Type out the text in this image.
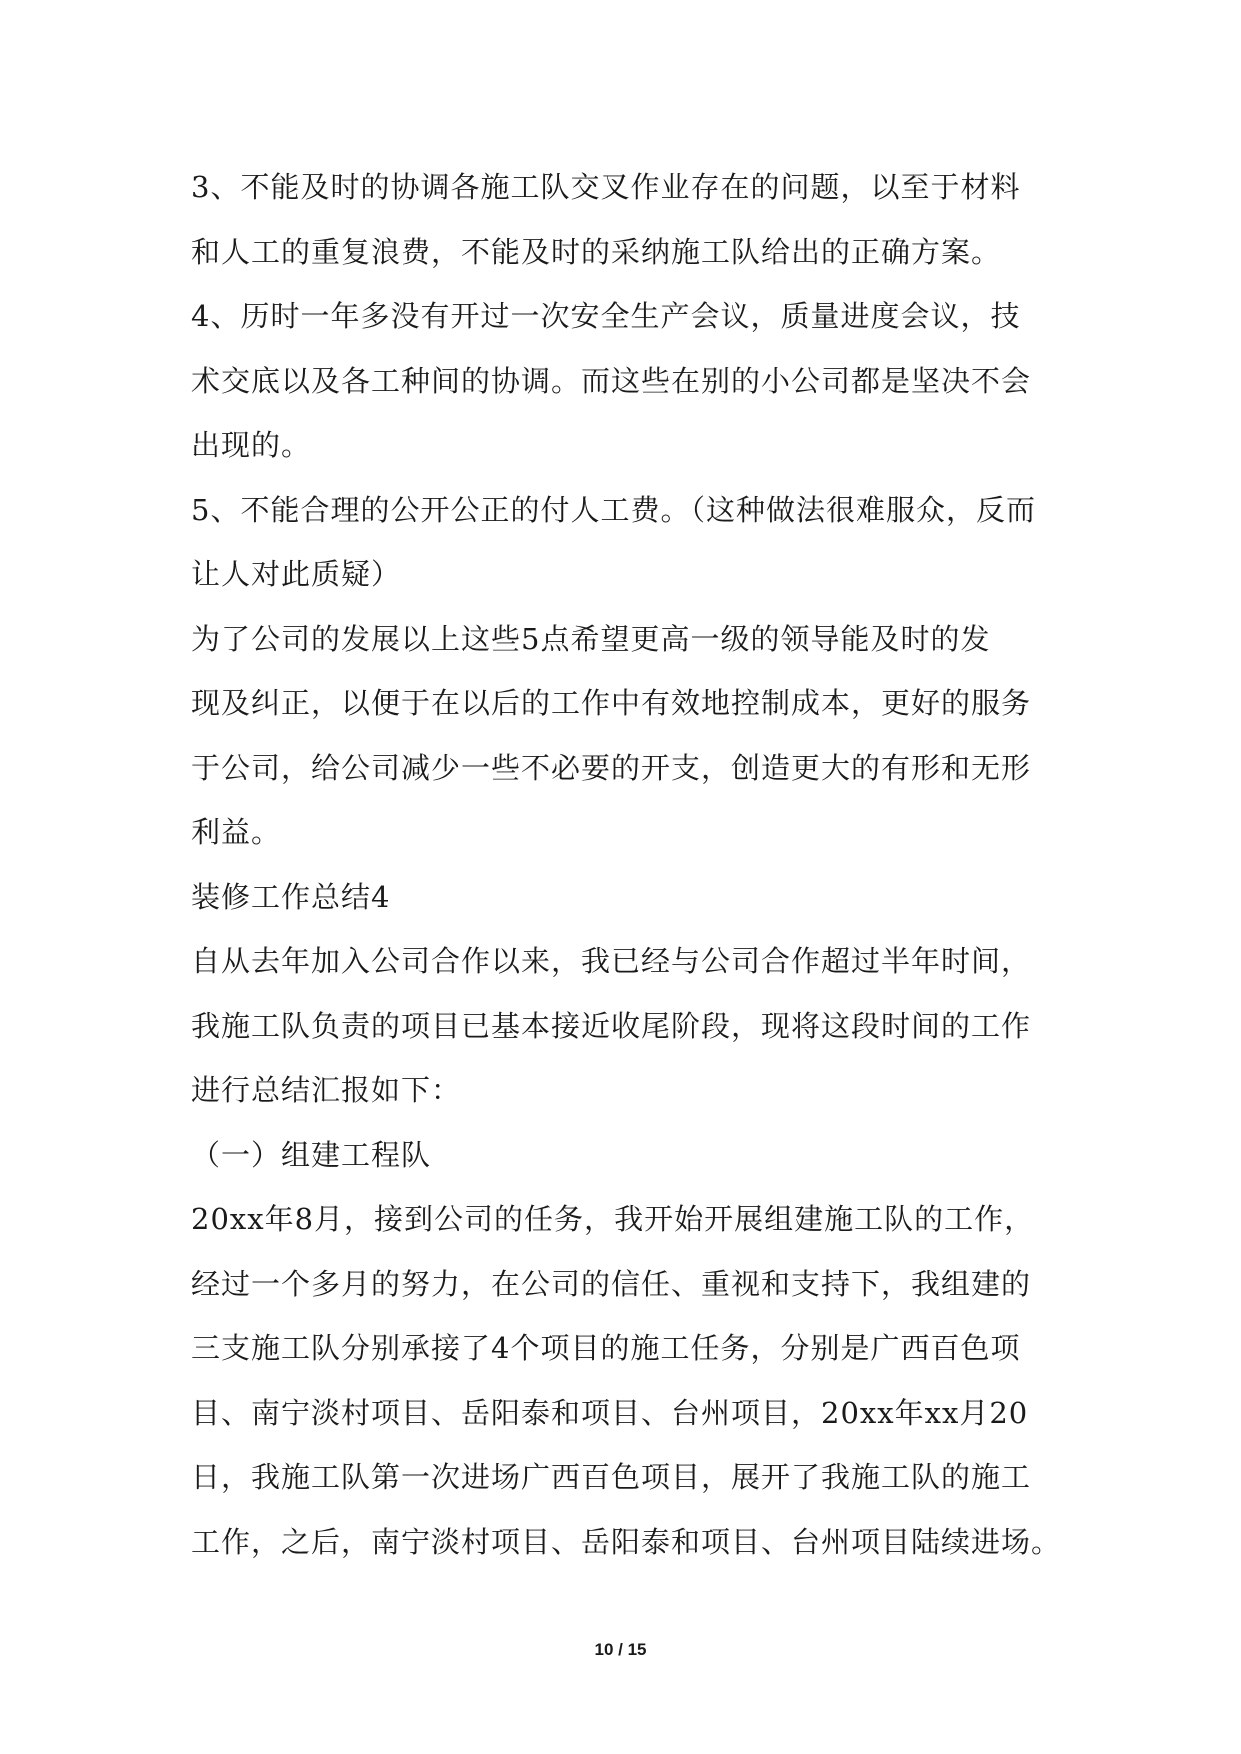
3、不能及时的协调各施工队交叉作业存在的问题，以至于材料
和人工的重复浪费，不能及时的采纳施工队给出的正确方案。
4、历时一年多没有开过一次安全生产会议，质量进度会议，技
术交底以及各工种间的协调。而这些在别的小公司都是坚决不会
出现的。
5、不能合理的公开公正的付人工费。（这种做法很难服众，反而
让人对此质疑）
为了公司的发展以上这些5点希望更高一级的领导能及时的发
现及纠正，以便于在以后的工作中有效地控制成本，更好的服务
于公司，给公司减少一些不必要的开支，创造更大的有形和无形
利益。
装修工作总结4
自从去年加入公司合作以来，我已经与公司合作超过半年时间，
我施工队负责的项目已基本接近收尾阶段，现将这段时间的工作
进行总结汇报如下：
（一）组建工程队
20xx年8月，接到公司的任务，我开始开展组建施工队的工作，
经过一个多月的努力，在公司的信任、重视和支持下，我组建的
三支施工队分别承接了4个项目的施工任务，分别是广西百色项
目、南宁淡村项目、岳阳泰和项目、台州项目，20xx年xx月20
日，我施工队第一次进场广西百色项目，展开了我施工队的施工
工作，之后，南宁淡村项目、岳阳泰和项目、台州项目陆续进场。
10 / 15
